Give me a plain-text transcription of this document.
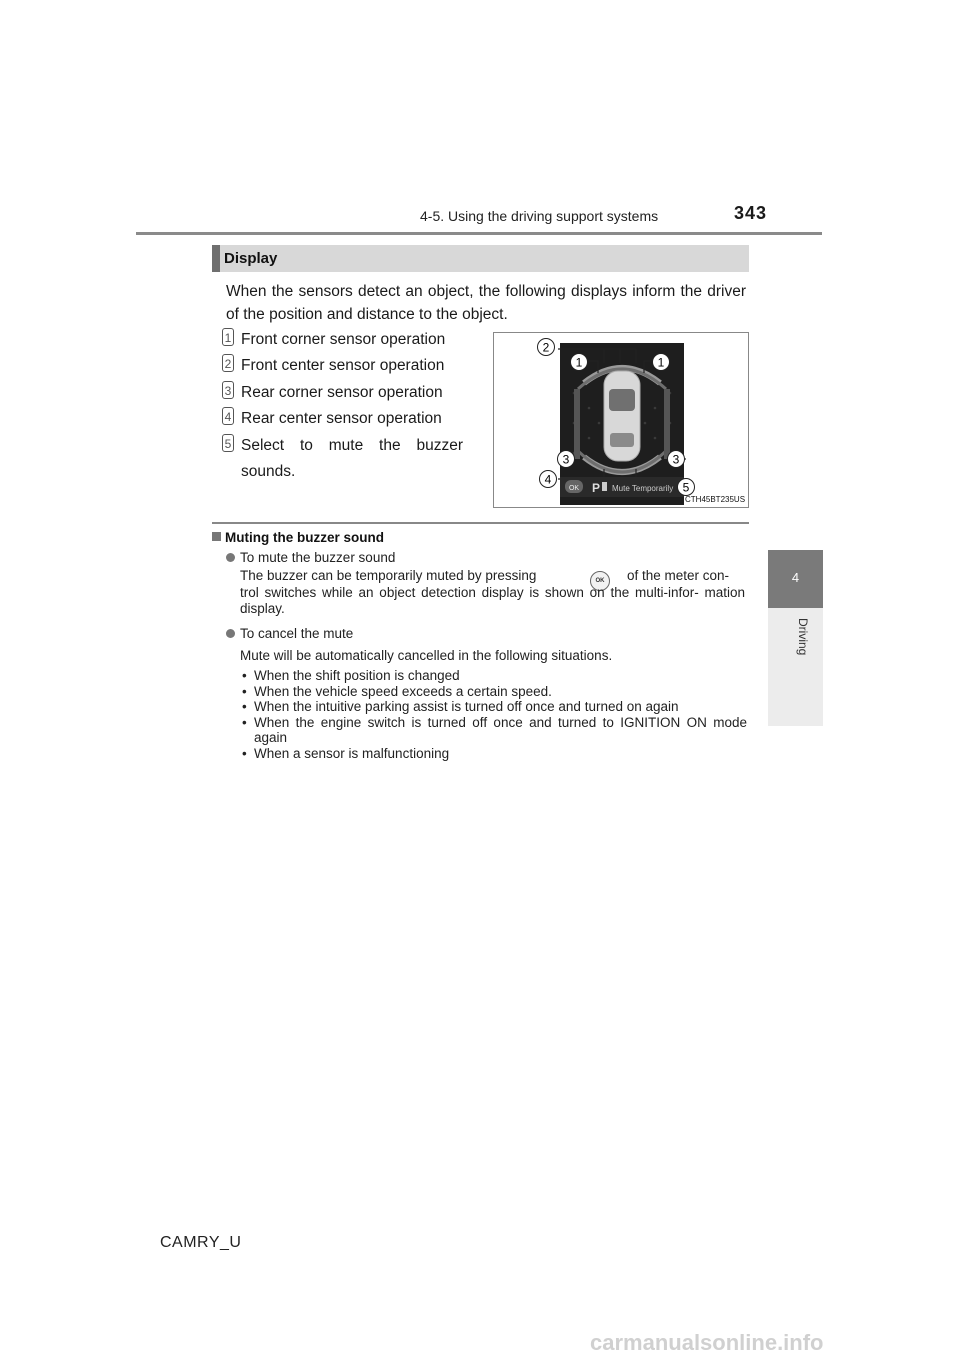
4-5. Using the driving support systems	343
4
Driving
Display
When the sensors detect an object, the following displays inform the driver of the position and distance to the object.
1 Front corner sensor operation
2 Front center sensor operation
3 Rear corner sensor operation
4 Rear center sensor operation
5 Select to mute the buzzer sounds.
OK P Mute Temporarily
2
1	1
3	3
4
5
CTH45BT235US
Muting the buzzer sound
To mute the buzzer sound
The buzzer can be temporarily muted by pressing	OK	of the meter con-
trol switches while an object detection display is shown on the multi-infor- mation display.
To cancel the mute
Mute will be automatically cancelled in the following situations.
• When the shift position is changed
• When the vehicle speed exceeds a certain speed.
• When the intuitive parking assist is turned off once and turned on again
• When the engine switch is turned off once and turned to IGNITION ON mode again
• When a sensor is malfunctioning
CAMRY_U
carmanualsonline.info
